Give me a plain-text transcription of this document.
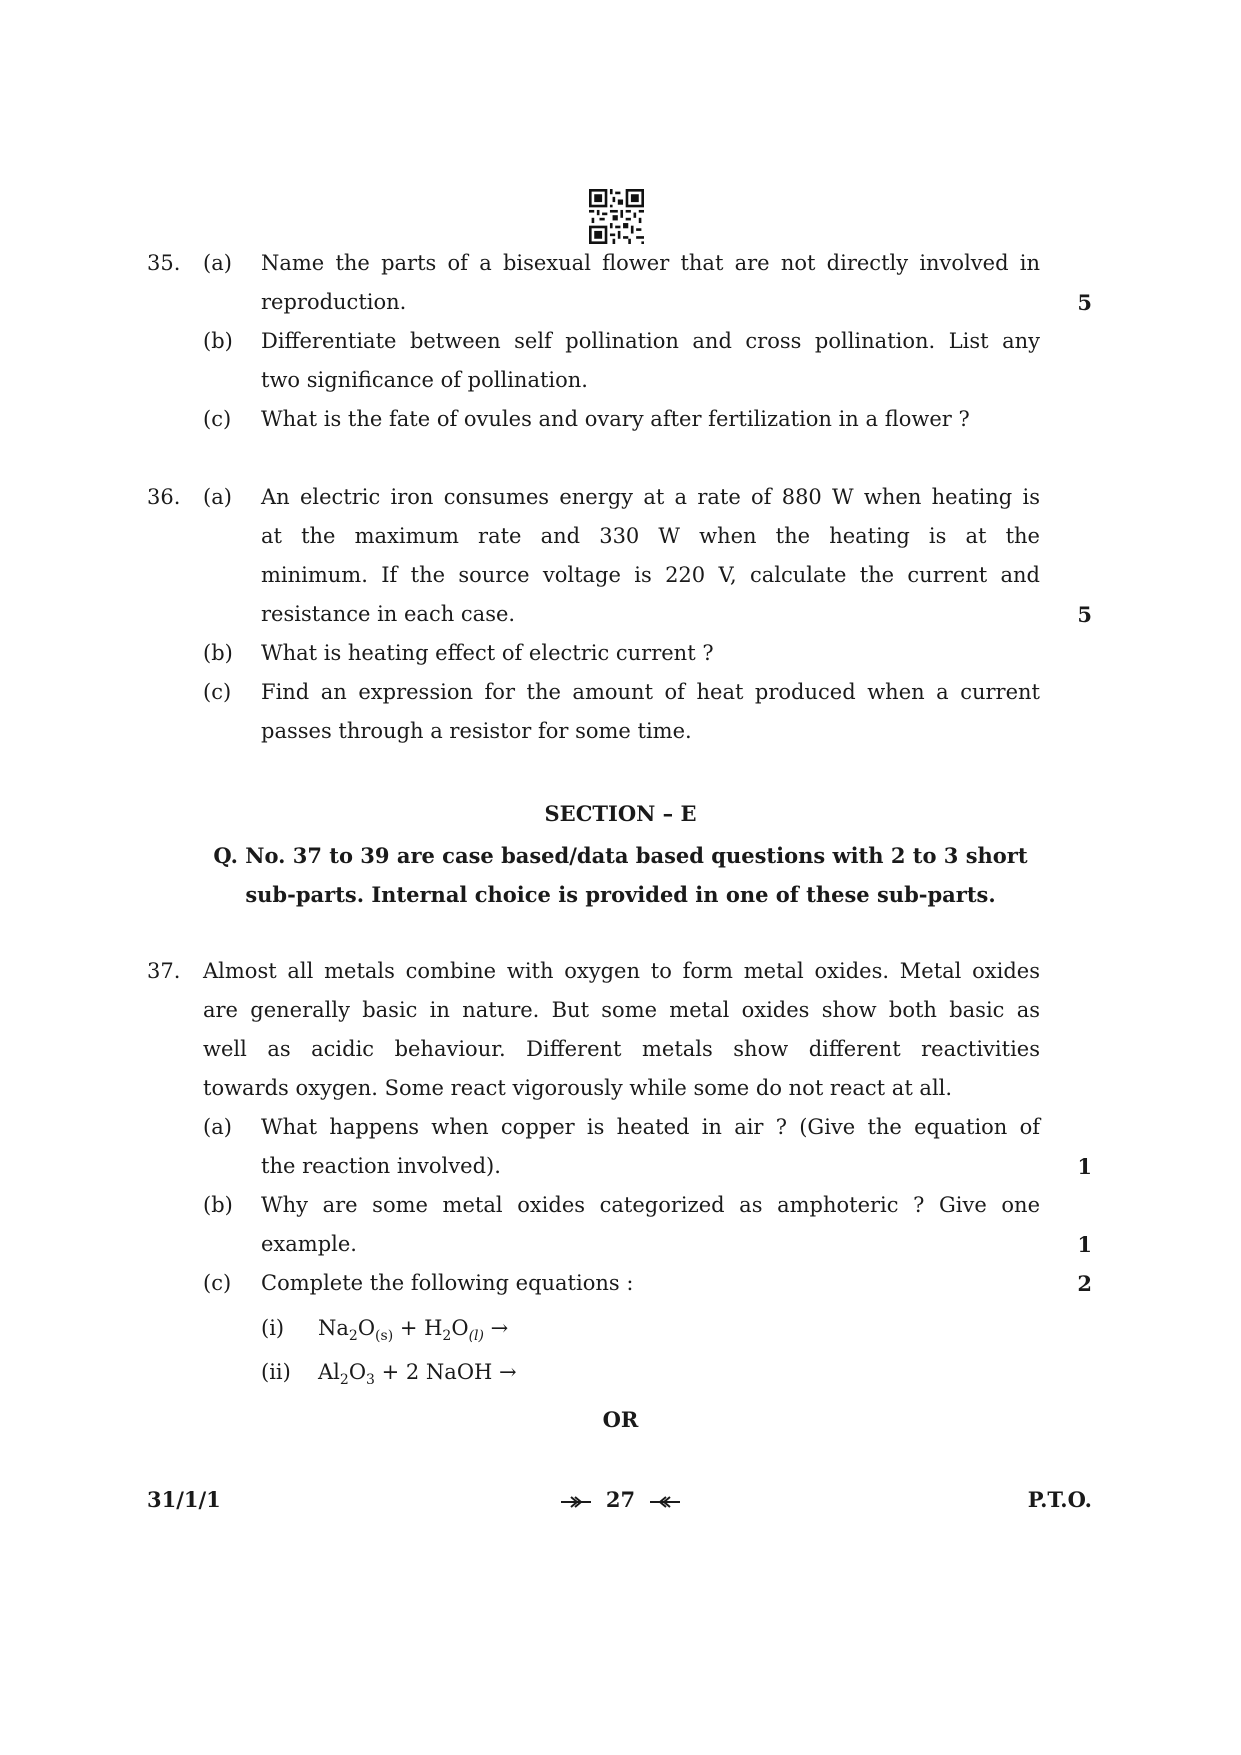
35.	(a)	Name the parts of a bisexual flower that are not directly involved in
reproduction.	5
(b)	Differentiate between self pollination and cross pollination. List any
two significance of pollination.
(c)	What is the fate of ovules and ovary after fertilization in a flower ?
36.	(a)	An electric iron consumes energy at a rate of 880 W when heating is
at the maximum rate and 330 W when the heating is at the
minimum. If the source voltage is 220 V, calculate the current and
resistance in each case.	5
(b)	What is heating effect of electric current ?
(c)	Find an expression for the amount of heat produced when a current
passes through a resistor for some time.
SECTION – E
Q. No. 37 to 39 are case based/data based questions with 2 to 3 short
sub-parts. Internal choice is provided in one of these sub-parts.
37.	Almost all metals combine with oxygen to form metal oxides. Metal oxides
are generally basic in nature. But some metal oxides show both basic as
well as acidic behaviour. Different metals show different reactivities
towards oxygen. Some react vigorously while some do not react at all.
(a)	What happens when copper is heated in air ? (Give the equation of
the reaction involved).	1
(b)	Why are some metal oxides categorized as amphoteric ? Give one
example.	1
(c)	Complete the following equations :	2
(i)	$Na_2O_{(s)} + H_2O_{(l)}$ →
(ii)	$Al_2O_3 + 2$ NaOH →
OR
31/1/1	27	P.T.O.
